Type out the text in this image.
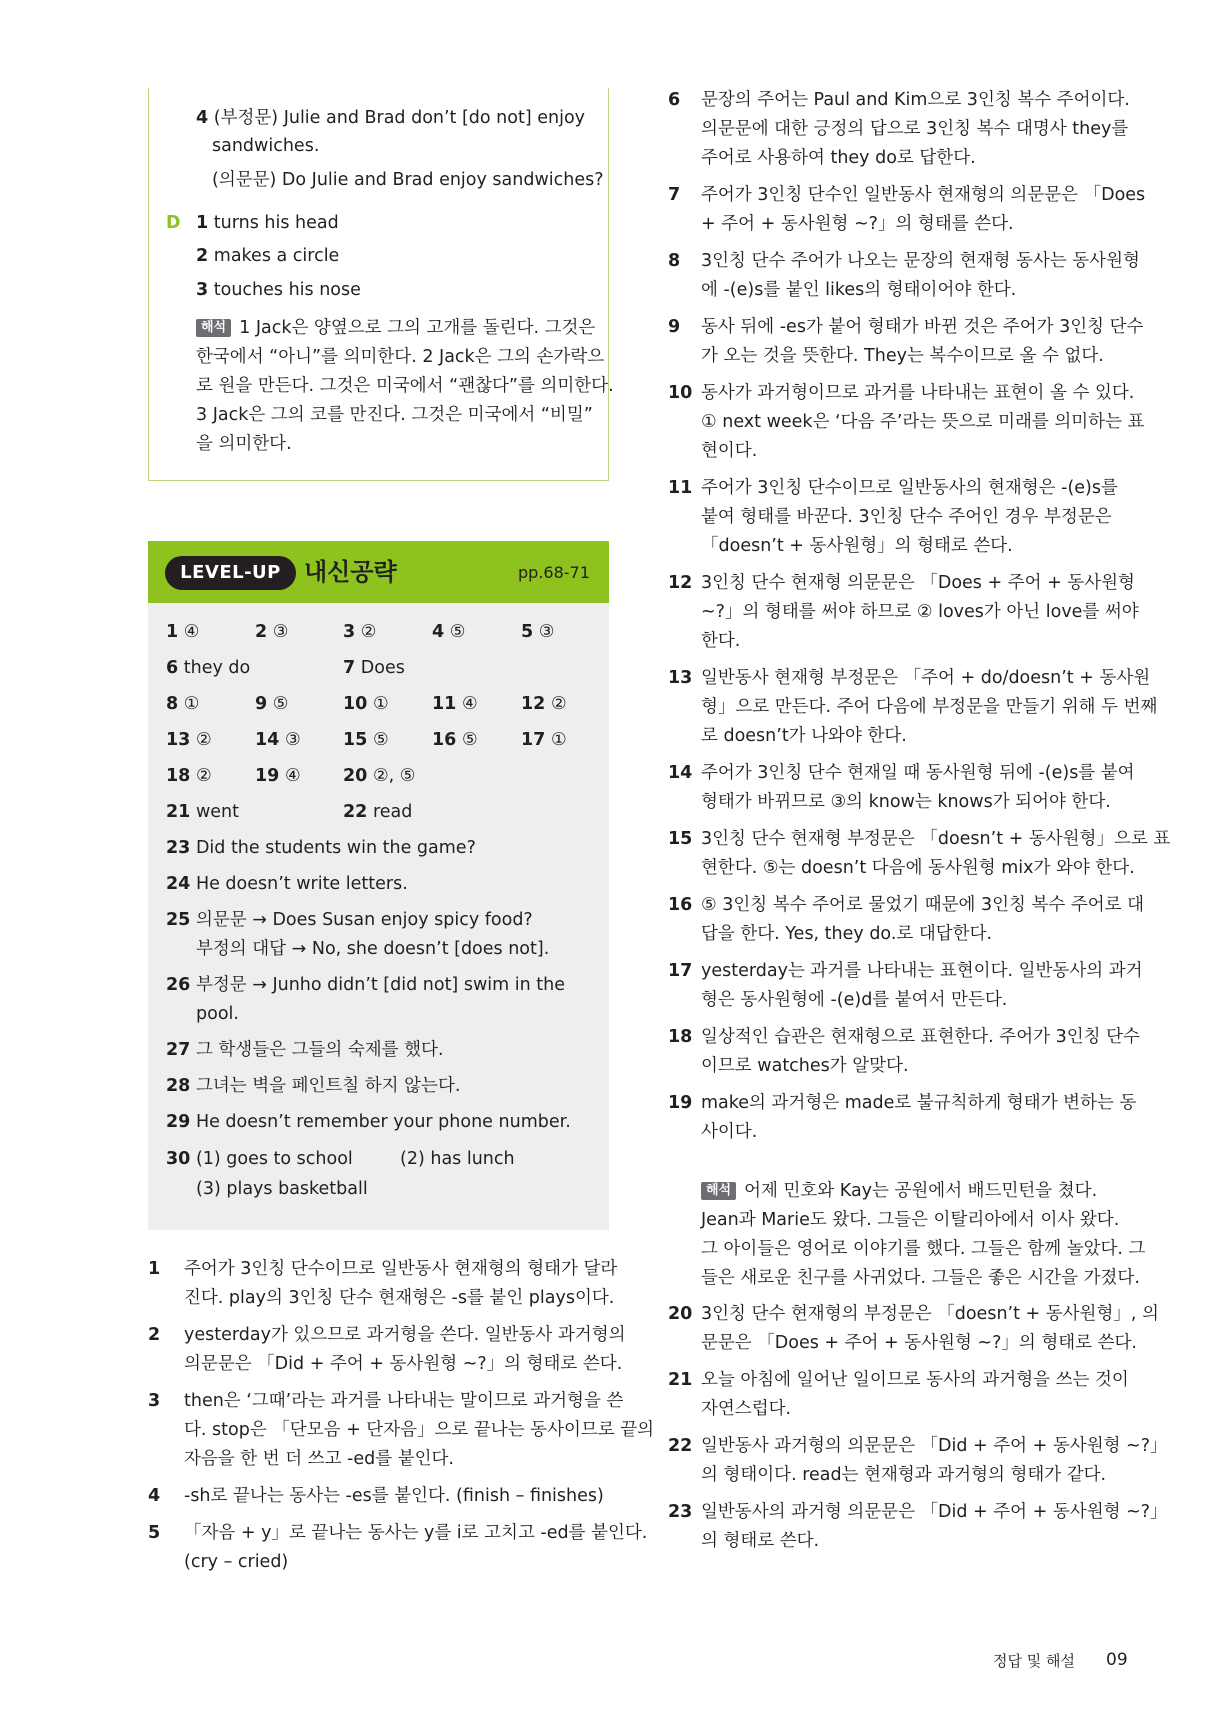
4 (부정문) Julie and Brad don’t [do not] enjoy
sandwiches.
(의문문) Do Julie and Brad enjoy sandwiches?
D 1 turns his head
2 makes a circle
3 touches his nose
해석 1 Jack은 양옆으로 그의 고개를 돌린다. 그것은
한국에서 “아니”를 의미한다. 2 Jack은 그의 손가락으
로 원을 만든다. 그것은 미국에서 “괜찮다”를 의미한다.
3 Jack은 그의 코를 만진다. 그것은 미국에서 “비밀”
을 의미한다.
LEVEL-UP 내신공략	pp.68-71
1 ④	2 ③	3 ②	4 ⑤	5 ③
6 they do	7 Does
8 ①	9 ⑤	10 ① 11 ④ 12 ②
13 ② 14 ③ 15 ⑤ 16 ⑤ 17 ①
18 ② 19 ④ 20 ②, ⑤
21 went	22 read
23 Did the students win the game?
24 He doesn’t write letters.
25 의문문 → Does Susan enjoy spicy food?
부정의 대답 → No, she doesn’t [does not].
26 부정문 → Junho didn’t [did not] swim in the
pool.
27 그 학생들은 그들의 숙제를 했다.
28 그녀는 벽을 페인트칠 하지 않는다.
29 He doesn’t remember your phone number.
30 (1) goes to school	(2) has lunch
(3) plays basketball
1 주어가 3인칭 단수이므로 일반동사 현재형의 형태가 달라
진다. play의 3인칭 단수 현재형은 -s를 붙인 plays이다.
2 yesterday가 있으므로 과거형을 쓴다. 일반동사 과거형의
의문문은 「Did + 주어 + 동사원형 ~?」의 형태로 쓴다.
3 then은 ‘그때’라는 과거를 나타내는 말이므로 과거형을 쓴
다. stop은 「단모음 + 단자음」으로 끝나는 동사이므로 끝의
자음을 한 번 더 쓰고 -ed를 붙인다.
4 -sh로 끝나는 동사는 -es를 붙인다. (finish – finishes)
5 「자음 + y」로 끝나는 동사는 y를 i로 고치고 -ed를 붙인다.
(cry – cried)
6 문장의 주어는 Paul and Kim으로 3인칭 복수 주어이다.
의문문에 대한 긍정의 답으로 3인칭 복수 대명사 they를
주어로 사용하여 they do로 답한다.
7 주어가 3인칭 단수인 일반동사 현재형의 의문문은 「Does
+ 주어 + 동사원형 ~?」의 형태를 쓴다.
8 3인칭 단수 주어가 나오는 문장의 현재형 동사는 동사원형
에 -(e)s를 붙인 likes의 형태이어야 한다.
9 동사 뒤에 -es가 붙어 형태가 바뀐 것은 주어가 3인칭 단수
가 오는 것을 뜻한다. They는 복수이므로 올 수 없다.
10 동사가 과거형이므로 과거를 나타내는 표현이 올 수 있다.
① next week은 ‘다음 주’라는 뜻으로 미래를 의미하는 표
현이다.
11 주어가 3인칭 단수이므로 일반동사의 현재형은 -(e)s를
붙여 형태를 바꾼다. 3인칭 단수 주어인 경우 부정문은
「doesn’t + 동사원형」의 형태로 쓴다.
12 3인칭 단수 현재형 의문문은 「Does + 주어 + 동사원형
~?」의 형태를 써야 하므로 ② loves가 아닌 love를 써야
한다.
13 일반동사 현재형 부정문은 「주어 + do/doesn’t + 동사원
형」으로 만든다. 주어 다음에 부정문을 만들기 위해 두 번째
로 doesn’t가 나와야 한다.
14 주어가 3인칭 단수 현재일 때 동사원형 뒤에 -(e)s를 붙여
형태가 바뀌므로 ③의 know는 knows가 되어야 한다.
15 3인칭 단수 현재형 부정문은 「doesn’t + 동사원형」으로 표
현한다. ⑤는 doesn’t 다음에 동사원형 mix가 와야 한다.
16 ⑤ 3인칭 복수 주어로 물었기 때문에 3인칭 복수 주어로 대
답을 한다. Yes, they do.로 대답한다.
17 yesterday는 과거를 나타내는 표현이다. 일반동사의 과거
형은 동사원형에 -(e)d를 붙여서 만든다.
18 일상적인 습관은 현재형으로 표현한다. 주어가 3인칭 단수
이므로 watches가 알맞다.
19 make의 과거형은 made로 불규칙하게 형태가 변하는 동
사이다.
해석 어제 민호와 Kay는 공원에서 배드민턴을 쳤다.
Jean과 Marie도 왔다. 그들은 이탈리아에서 이사 왔다.
그 아이들은 영어로 이야기를 했다. 그들은 함께 놀았다. 그
들은 새로운 친구를 사귀었다. 그들은 좋은 시간을 가졌다.
20 3인칭 단수 현재형의 부정문은 「doesn’t + 동사원형」, 의
문문은 「Does + 주어 + 동사원형 ~?」의 형태로 쓴다.
21 오늘 아침에 일어난 일이므로 동사의 과거형을 쓰는 것이
자연스럽다.
22 일반동사 과거형의 의문문은 「Did + 주어 + 동사원형 ~?」
의 형태이다. read는 현재형과 과거형의 형태가 같다.
23 일반동사의 과거형 의문문은 「Did + 주어 + 동사원형 ~?」
의 형태로 쓴다.
정답 및 해설 09
